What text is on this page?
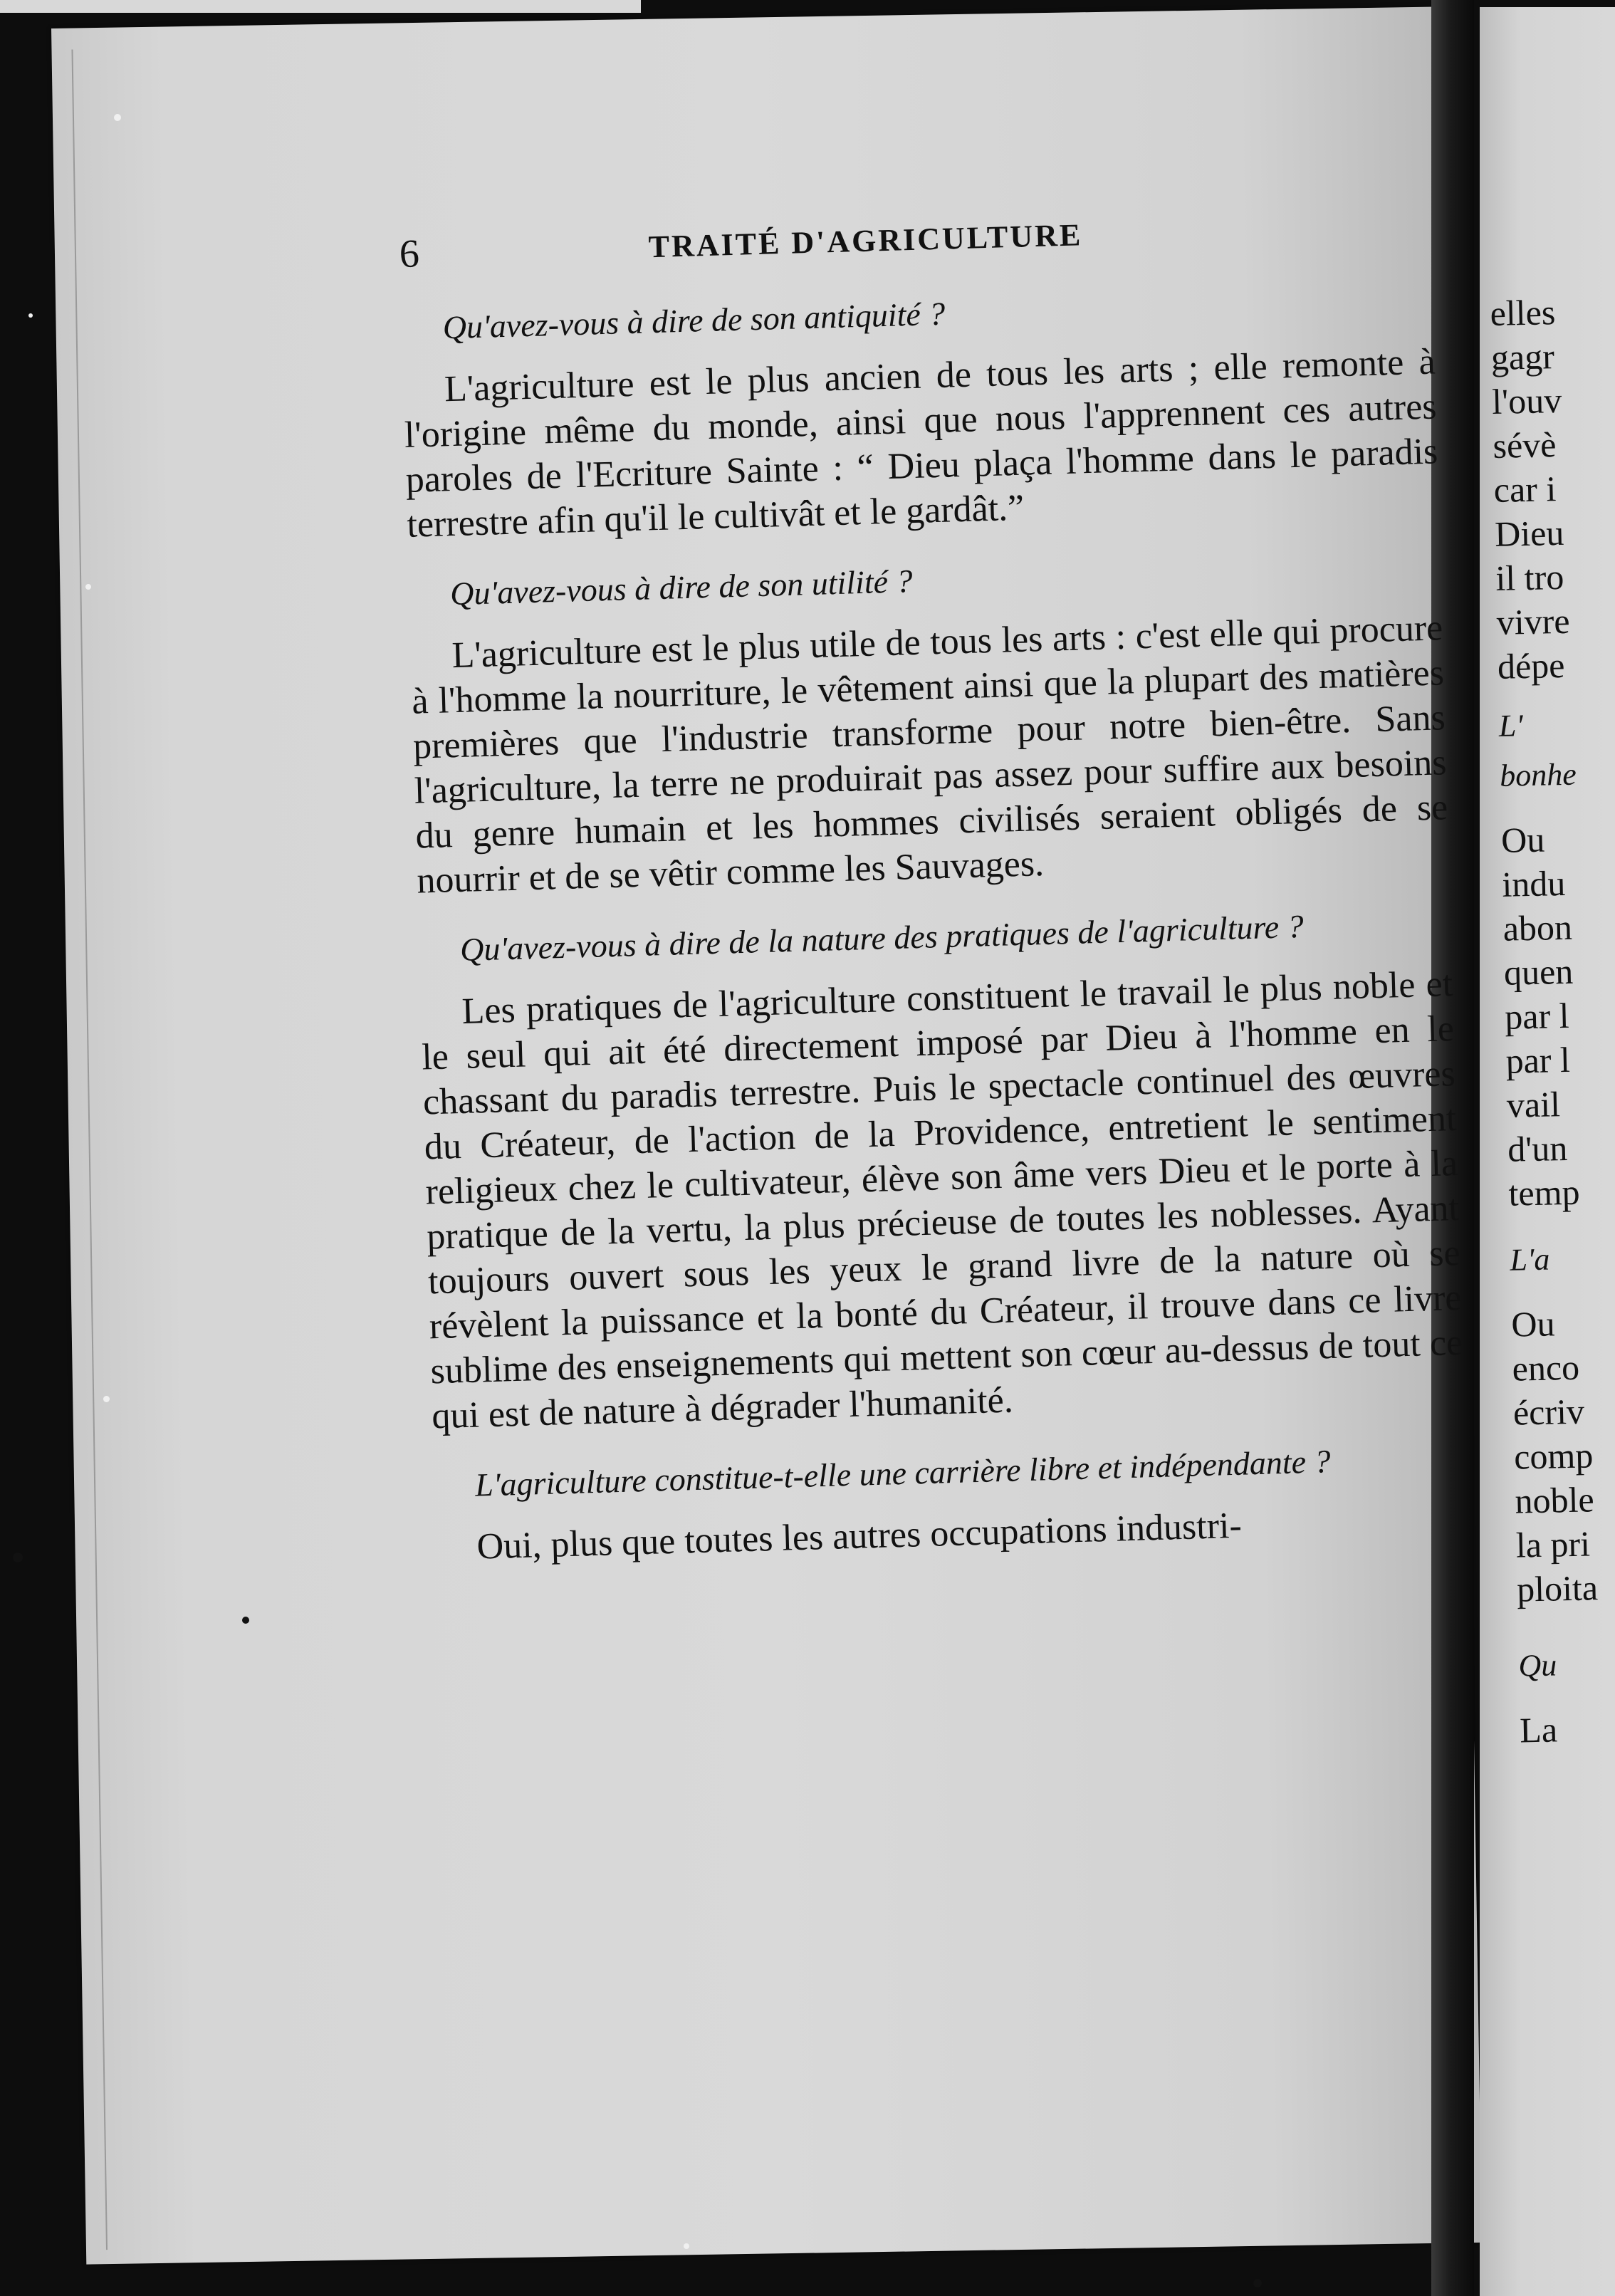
elles
gagr
l'ouv
sévè
car i
Dieu
il tro
vivre
dépe
L'
bonhe
Ou
indu
abon
quen
par l
par l
vail
d'un
temp
L'a
Ou
enco
écriv
comp
noble
la pri
ploita
Qu
La
6	TRAITÉ D'AGRICULTURE

Qu'avez-vous à dire de son antiquité ?

L'agriculture est le plus ancien de tous les arts ; elle remonte à l'origine même du monde, ainsi que nous l'apprennent ces autres paroles de l'Ecriture Sainte : “ Dieu plaça l'homme dans le paradis terrestre afin qu'il le cultivât et le gardât.”

Qu'avez-vous à dire de son utilité ?

L'agriculture est le plus utile de tous les arts : c'est elle qui procure à l'homme la nourriture, le vêtement ainsi que la plupart des matières premières que l'industrie transforme pour notre bien-être. Sans l'agriculture, la terre ne produirait pas assez pour suffire aux besoins du genre humain et les hommes civilisés seraient obligés de se nourrir et de se vêtir comme les Sauvages.

Qu'avez-vous à dire de la nature des pratiques de l'agriculture ?

Les pratiques de l'agriculture constituent le travail le plus noble et le seul qui ait été directement imposé par Dieu à l'homme en le chassant du paradis terrestre. Puis le spectacle continuel des œuvres du Créateur, de l'action de la Providence, entretient le sentiment religieux chez le cultivateur, élève son âme vers Dieu et le porte à la pratique de la vertu, la plus précieuse de toutes les noblesses. Ayant toujours ouvert sous les yeux le grand livre de la nature où se révèlent la puissance et la bonté du Créateur, il trouve dans ce livre sublime des enseignements qui mettent son cœur au-dessus de tout ce qui est de nature à dégrader l'humanité.

L'agriculture constitue-t-elle une carrière libre et indépendante ?

Oui, plus que toutes les autres occupations industri-
